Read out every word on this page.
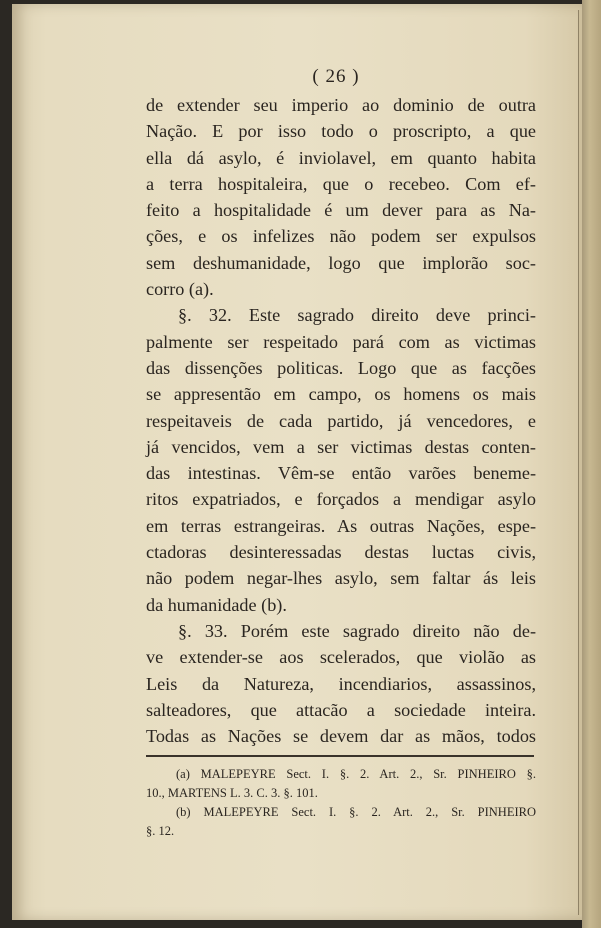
( 26 )
de extender seu imperio ao dominio de outra
Nação. E por isso todo o proscripto, a que
ella dá asylo, é inviolavel, em quanto habita
a terra hospitaleira, que o recebeo. Com ef-
feito a hospitalidade é um dever para as Na-
ções, e os infelizes não podem ser expulsos
sem deshumanidade, logo que implorão soc-
corro (a).
§. 32. Este sagrado direito deve princi-
palmente ser respeitado pará com as victimas
das dissenções politicas. Logo que as facções
se appresentão em campo, os homens os mais
respeitaveis de cada partido, já vencedores, e
já vencidos, vem a ser victimas destas conten-
das intestinas. Vêm-se então varões beneme-
ritos expatriados, e forçados a mendigar asylo
em terras estrangeiras. As outras Nações, espe-
ctadoras desinteressadas destas luctas civis,
não podem negar-lhes asylo, sem faltar ás leis
da humanidade (b).
§. 33. Porém este sagrado direito não de-
ve extender-se aos scelerados, que violão as
Leis da Natureza, incendiarios, assassinos,
salteadores, que attacão a sociedade inteira.
Todas as Nações se devem dar as mãos, todos
(a) MALEPEYRE Sect. I. §. 2. Art. 2., Sr. PINHEIRO §.
10., MARTENS L. 3. C. 3. §. 101.
(b) MALEPEYRE Sect. I. §. 2. Art. 2., Sr. PINHEIRO
§. 12.
